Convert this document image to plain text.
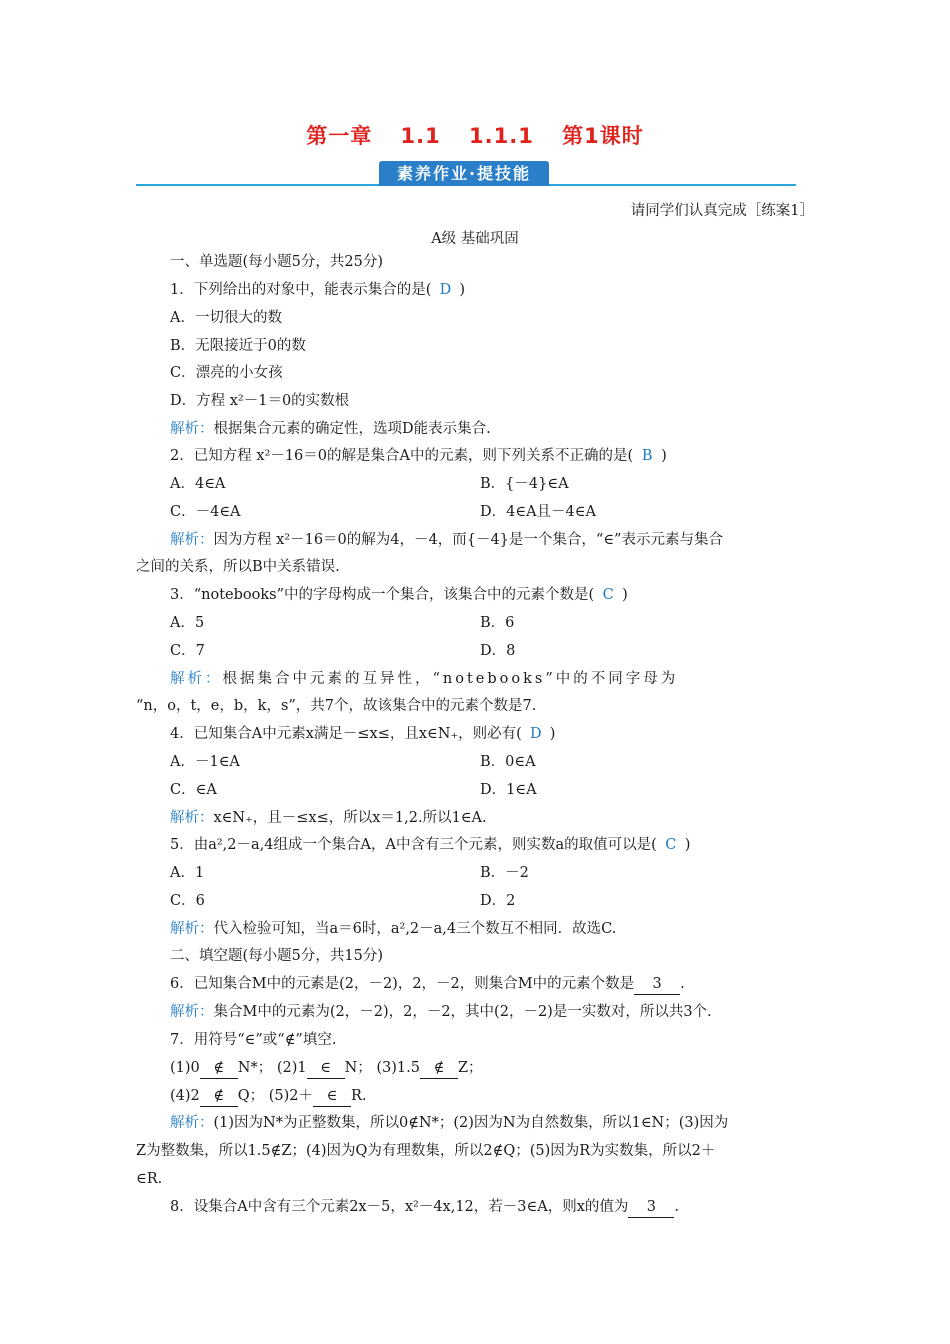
第一章 1.1 1.1.1 第1课时
素养作业·提技能
请同学们认真完成［练案1］
A级 基础巩固
一、单选题(每小题5分，共25分)
1．下列给出的对象中，能表示集合的是( D )
A．一切很大的数
B．无限接近于0的数
C．漂亮的小女孩
D．方程 x²－1＝0的实数根
解析：根据集合元素的确定性，选项D能表示集合.
2．已知方程 x²－16＝0的解是集合A中的元素，则下列关系不正确的是( B )
A．4∈A	B．{－4}∈A
C．－4∈A	D．4∈A且－4∈A
解析：因为方程 x²－16＝0的解为4，－4，而{－4}是一个集合，“∈”表示元素与集合
之间的关系，所以B中关系错误.
3．“notebooks”中的字母构成一个集合，该集合中的元素个数是( C )
A．5	B．6
C．7	D．8
解析：根据集合中元素的互异性，“notebooks”中的不同字母为
“n，o，t，e，b，k，s”，共7个，故该集合中的元素个数是7.
4．已知集合A中元素x满足－≤x≤，且x∈N₊，则必有( D )
A．－1∈A	B．0∈A
C．∈A	D．1∈A
解析：x∈N₊，且－≤x≤，所以x＝1,2.所以1∈A.
5．由a²,2－a,4组成一个集合A，A中含有三个元素，则实数a的取值可以是( C )
A．1	B．－2
C．6	D．2
解析：代入检验可知，当a＝6时，a²,2－a,4三个数互不相同．故选C.
二、填空题(每小题5分，共15分)
6．已知集合M中的元素是(2，－2)，2，－2，则集合M中的元素个数是 3 .
解析：集合M中的元素为(2，－2)，2，－2，其中(2，－2)是一实数对，所以共3个.
7．用符号“∈”或“∉”填空.
(1)0 ∉ N*； (2)1 ∈ N； (3)1.5 ∉ Z；
(4)2 ∉ Q； (5)2＋ ∈ R.
解析：(1)因为N*为正整数集，所以0∉N*；(2)因为N为自然数集，所以1∈N；(3)因为
Z为整数集，所以1.5∉Z；(4)因为Q为有理数集，所以2∉Q；(5)因为R为实数集，所以2＋
∈R.
8．设集合A中含有三个元素2x－5，x²－4x,12，若－3∈A，则x的值为 3 .
